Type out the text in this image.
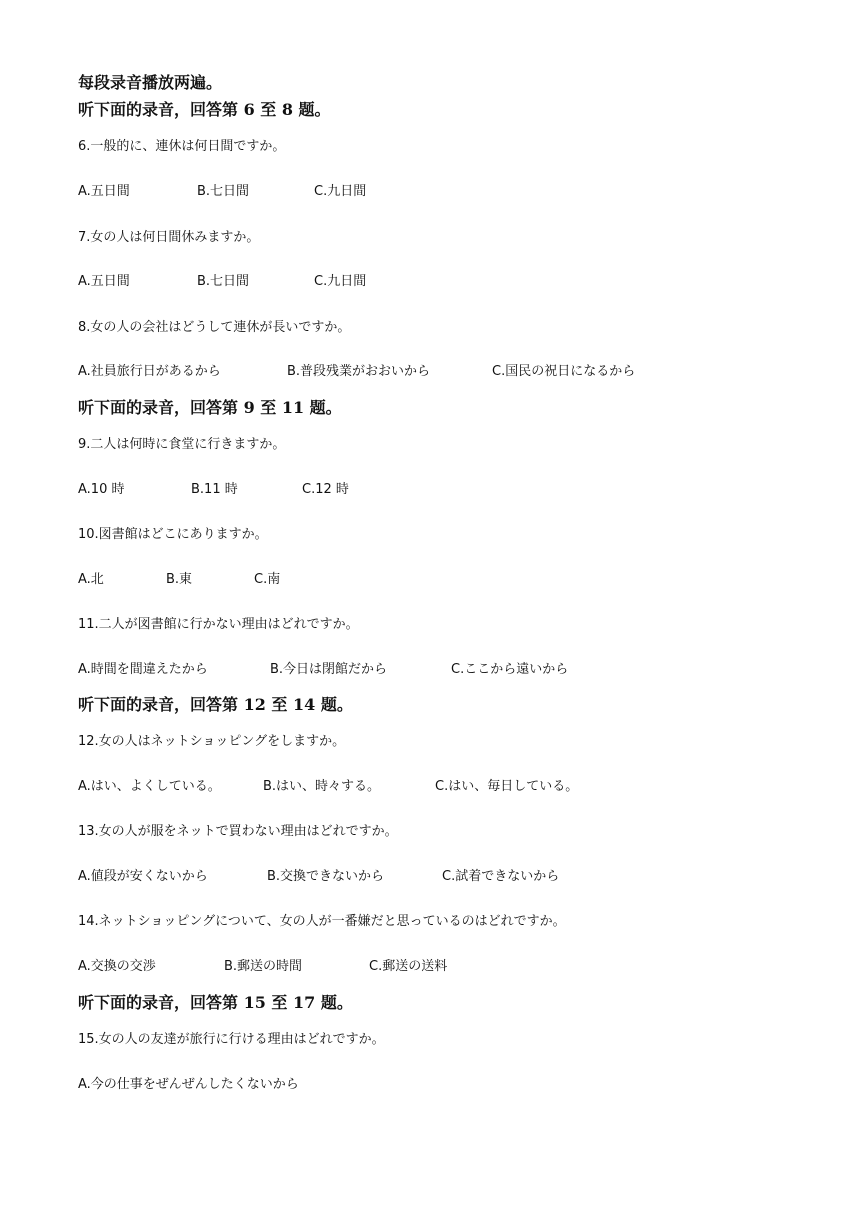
每段录音播放两遍。
听下面的录音，回答第 6 至 8 题。
6.一般的に、連休は何日間ですか。
A.五日間	B.七日間	C.九日間
7.女の人は何日間休みますか。
A.五日間	B.七日間	C.九日間
8.女の人の会社はどうして連休が長いですか。
A.社員旅行日があるから	B.普段残業がおおいから	C.国民の祝日になるから
听下面的录音，回答第 9 至 11 题。
9.二人は何時に食堂に行きますか。
A.10 時	B.11 時	C.12 時
10.図書館はどこにありますか。
A.北	B.東	C.南
11.二人が図書館に行かない理由はどれですか。
A.時間を間違えたから	B.今日は閉館だから	C.ここから遠いから
听下面的录音，回答第 12 至 14 题。
12.女の人はネットショッピングをしますか。
A.はい、よくしている。	B.はい、時々する。	C.はい、毎日している。
13.女の人が服をネットで買わない理由はどれですか。
A.値段が安くないから	B.交換できないから	C.試着できないから
14.ネットショッピングについて、女の人が一番嫌だと思っているのはどれですか。
A.交換の交渉	B.郵送の時間	C.郵送の送料
听下面的录音，回答第 15 至 17 题。
15.女の人の友達が旅行に行ける理由はどれですか。
A.今の仕事をぜんぜんしたくないから
